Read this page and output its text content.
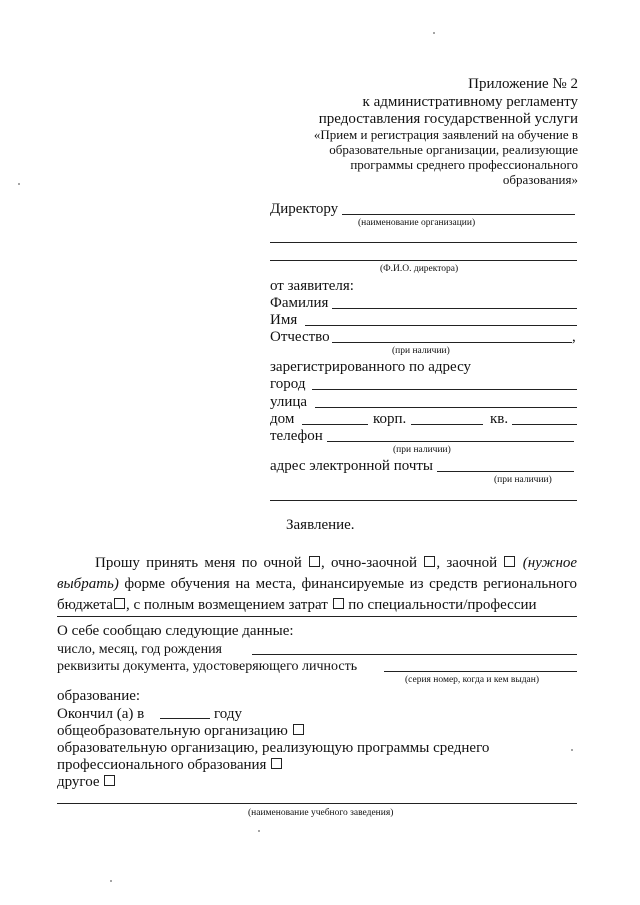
Приложение № 2
к административному регламенту
предоставления государственной услуги
«Прием и регистрация заявлений на обучение в
образовательные организации, реализующие
программы среднего профессионального
образования»
Директору
(наименование организации)
(Ф.И.О. директора)
от заявителя:
Фамилия
Имя
Отчество	,
(при наличии)
зарегистрированного по адресу
город
улица
дом	корп.	кв.
телефон
(при наличии)
адрес электронной почты
(при наличии)
Заявление.
Прошу принять меня по очной , очно-заочной , заочной (нужное выбрать) форме обучения на места, финансируемые из средств регионального бюджета , с полным возмещением затрат по специальности/профессии
О себе сообщаю следующие данные:
число, месяц, год рождения
реквизиты документа, удостоверяющего личность
(серия номер, когда и кем выдан)
образование:
Окончил (а) в	году
общеобразовательную организацию
образовательную организацию, реализующую программы среднего
профессионального образования
другое
(наименование учебного заведения)
